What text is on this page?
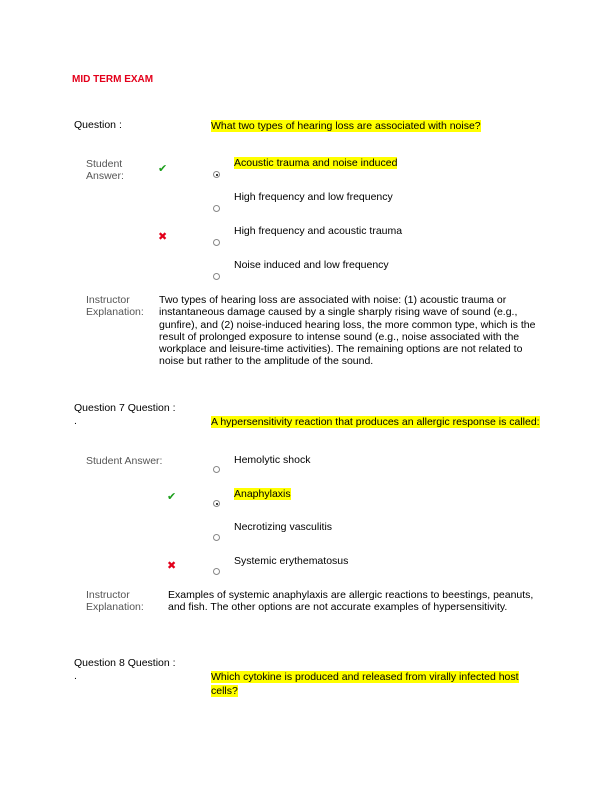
MID TERM EXAM
Question :	What two types of hearing loss are associated with noise?
Student
Answer:
✔	Acoustic trauma and noise induced
High frequency and low frequency
✖	High frequency and acoustic trauma
Noise induced and low frequency
Instructor
Explanation:
Two types of hearing loss are associated with noise: (1) acoustic trauma or
instantaneous damage caused by a single sharply rising wave of sound (e.g.,
gunfire), and (2) noise-induced hearing loss, the more common type, which is the
result of prolonged exposure to intense sound (e.g., noise associated with the
workplace and leisure-time activities). The remaining options are not related to
noise but rather to the amplitude of the sound.
Question 7 Question :
.	A hypersensitivity reaction that produces an allergic response is called:
Student Answer:	Hemolytic shock
✔	Anaphylaxis
Necrotizing vasculitis
✖	Systemic erythematosus
Instructor
Explanation:
Examples of systemic anaphylaxis are allergic reactions to beestings, peanuts,
and fish. The other options are not accurate examples of hypersensitivity.
Question 8 Question :
.	Which cytokine is produced and released from virally infected host
cells?
